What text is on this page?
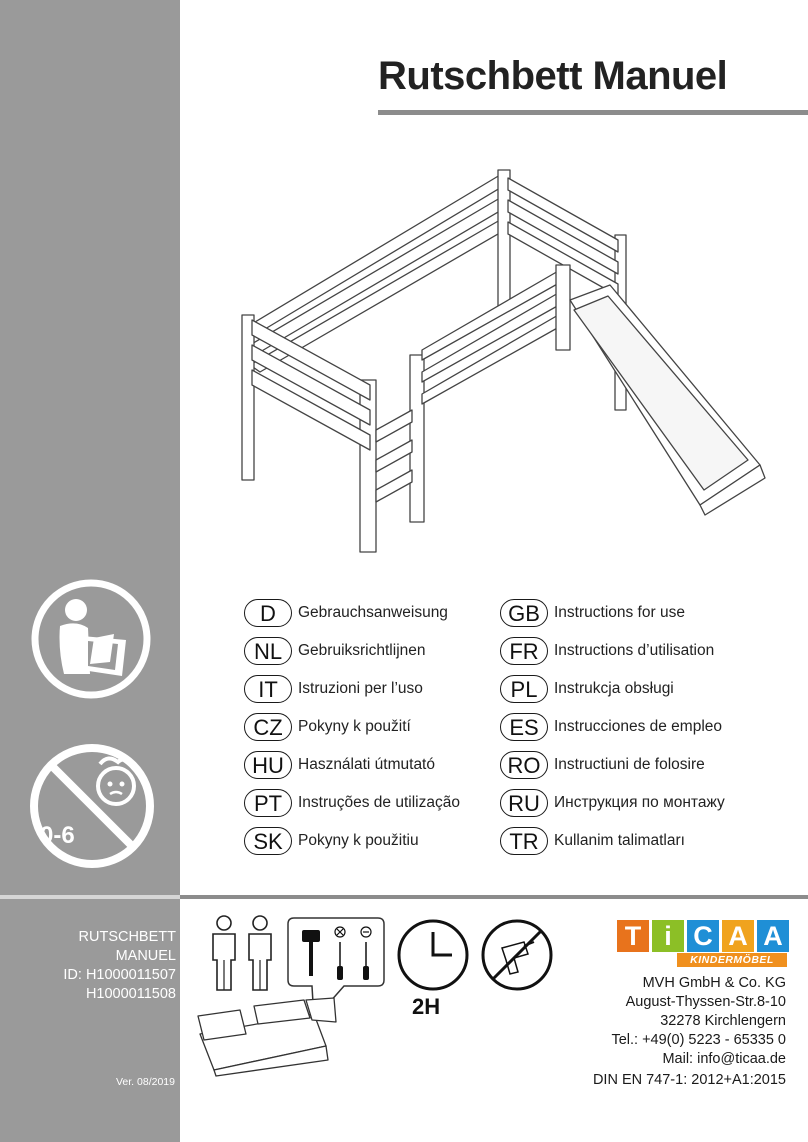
Rutschbett Manuel
D	Gebrauchsanweisung
NL	Gebruiksrichtlijnen
IT	Istruzioni per l’uso
CZ Pokyny k použití
HU Használati útmutató
PT	Instruções de utilização
SK Pokyny k použitiu
GB Instructions for use
FR Instructions d’utilisation
PL	Instrukcja obsługi
ES Instrucciones de empleo
RO Instructiuni de folosire
RU Инструкция по монтажу
TR Kullanim talimatları
0-6
RUTSCHBETT
MANUEL
ID: H1000011507
H1000011508
Ver. 08/2019
2H
T i C A A
KINDERMÖBEL
MVH GmbH & Co. KG
August-Thyssen-Str.8-10
32278 Kirchlengern
Tel.: +49(0) 5223 - 65335 0
Mail: info@ticaa.de
DIN EN 747-1: 2012+A1:2015
